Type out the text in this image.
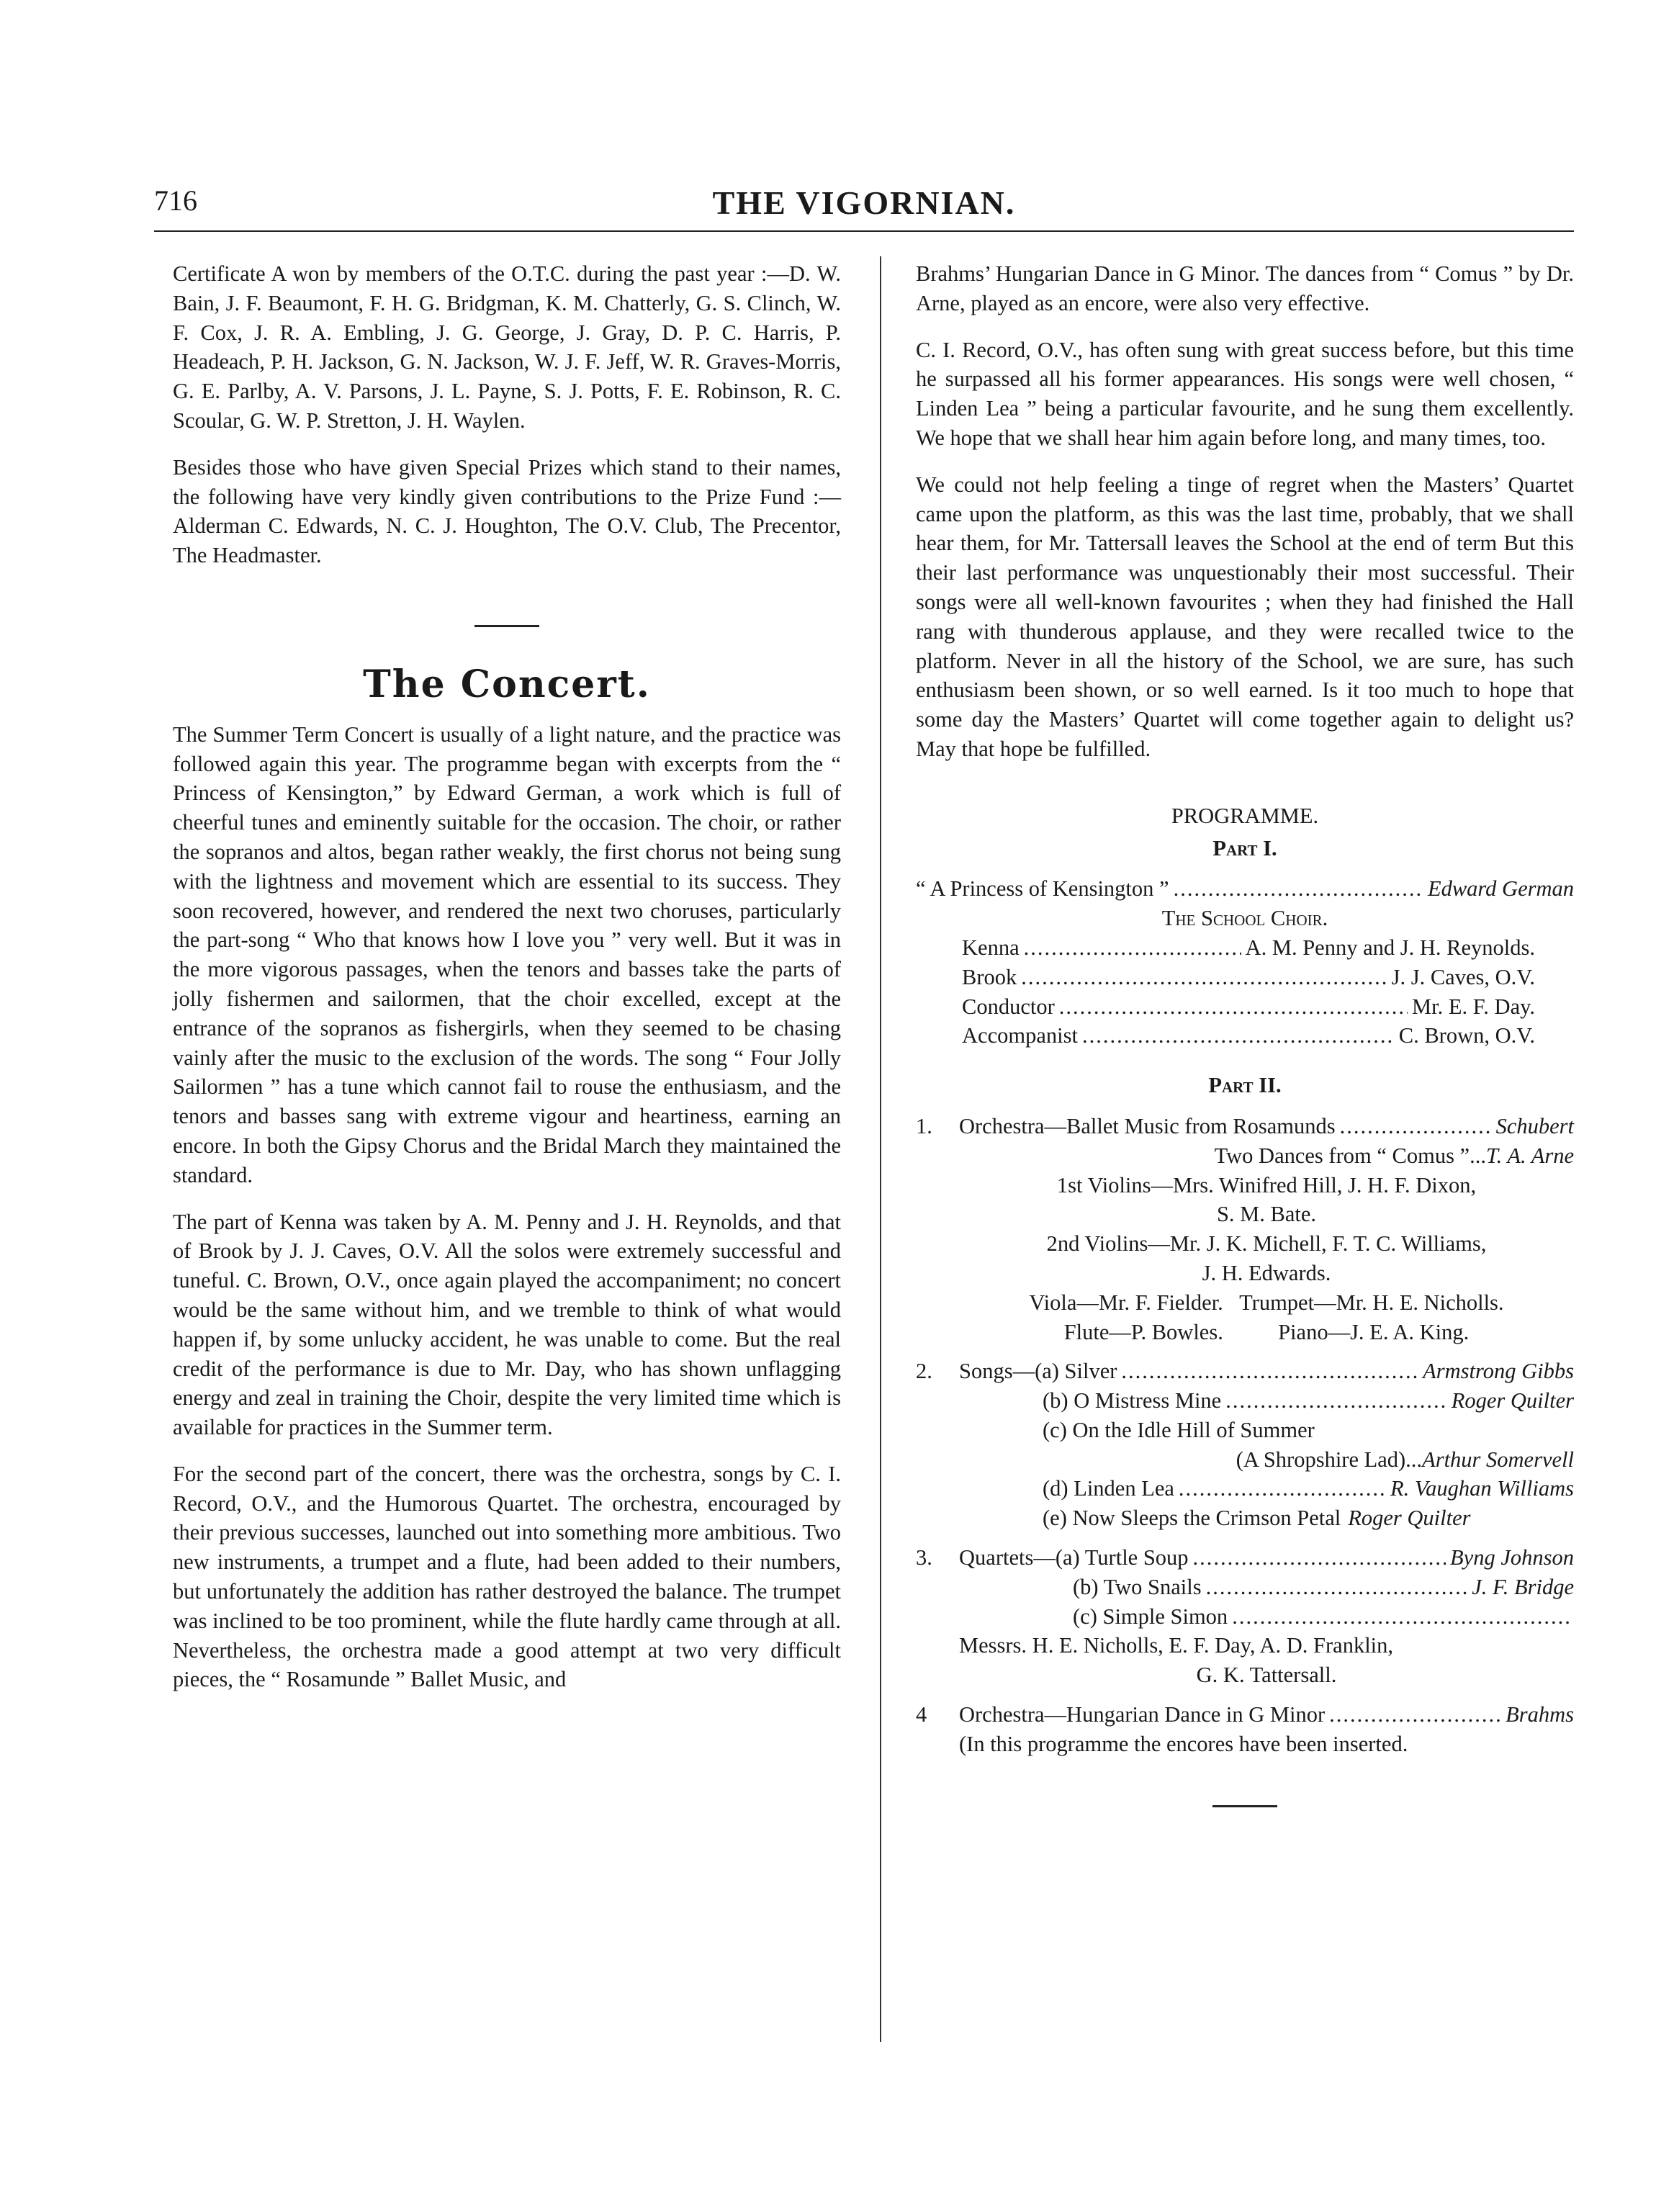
716	THE VIGORNIAN.

Certificate A won by members of the O.T.C. during the past year :—D. W. Bain, J. F. Beaumont, F. H. G. Bridgman, K. M. Chatterly, G. S. Clinch, W. F. Cox, J. R. A. Embling, J. G. George, J. Gray, D. P. C. Harris, P. Headeach, P. H. Jackson, G. N. Jackson, W. J. F. Jeff, W. R. Graves-Morris, G. E. Parlby, A. V. Parsons, J. L. Payne, S. J. Potts, F. E. Robinson, R. C. Scoular, G. W. P. Stretton, J. H. Waylen.

Besides those who have given Special Prizes which stand to their names, the following have very kindly given contributions to the Prize Fund :—Alderman C. Edwards, N. C. J. Houghton, The O.V. Club, The Precentor, The Headmaster.

The Concert.

The Summer Term Concert is usually of a light nature, and the practice was followed again this year. The programme began with excerpts from the “ Princess of Kensington,” by Edward German, a work which is full of cheerful tunes and eminently suitable for the occasion. The choir, or rather the sopranos and altos, began rather weakly, the first chorus not being sung with the lightness and movement which are essential to its success. They soon recovered, however, and rendered the next two choruses, particularly the part-song “ Who that knows how I love you ” very well. But it was in the more vigorous passages, when the tenors and basses take the parts of jolly fishermen and sailormen, that the choir excelled, except at the entrance of the sopranos as fishergirls, when they seemed to be chasing vainly after the music to the exclusion of the words. The song “ Four Jolly Sailormen ” has a tune which cannot fail to rouse the enthusiasm, and the tenors and basses sang with extreme vigour and heartiness, earning an encore. In both the Gipsy Chorus and the Bridal March they maintained the standard.

The part of Kenna was taken by A. M. Penny and J. H. Reynolds, and that of Brook by J. J. Caves, O.V. All the solos were extremely successful and tuneful. C. Brown, O.V., once again played the accompaniment; no concert would be the same without him, and we tremble to think of what would happen if, by some unlucky accident, he was unable to come. But the real credit of the performance is due to Mr. Day, who has shown unflagging energy and zeal in training the Choir, despite the very limited time which is available for practices in the Summer term.

For the second part of the concert, there was the orchestra, songs by C. I. Record, O.V., and the Humorous Quartet. The orchestra, encouraged by their previous successes, launched out into something more ambitious. Two new instruments, a trumpet and a flute, had been added to their numbers, but unfortunately the addition has rather destroyed the balance. The trumpet was inclined to be too prominent, while the flute hardly came through at all. Nevertheless, the orchestra made a good attempt at two very difficult pieces, the “ Rosamunde ” Ballet Music, and

Brahms’ Hungarian Dance in G Minor. The dances from “ Comus ” by Dr. Arne, played as an encore, were also very effective.

C. I. Record, O.V., has often sung with great success before, but this time he surpassed all his former appearances. His songs were well chosen, “ Linden Lea ” being a particular favourite, and he sung them excellently. We hope that we shall hear him again before long, and many times, too.

We could not help feeling a tinge of regret when the Masters’ Quartet came upon the platform, as this was the last time, probably, that we shall hear them, for Mr. Tattersall leaves the School at the end of term But this their last performance was unquestionably their most successful. Their songs were all well-known favourites ; when they had finished the Hall rang with thunderous applause, and they were recalled twice to the platform. Never in all the history of the School, we are sure, has such enthusiasm been shown, or so well earned. Is it too much to hope that some day the Masters’ Quartet will come together again to delight us? May that hope be fulfilled.

PROGRAMME.
Part I.
“ A Princess of Kensington ” .....	Edward German
The School Choir.
Kenna .....	A. M. Penny and J. H. Reynolds.
Brook .....	J. J. Caves, O.V.
Conductor .....	Mr. E. F. Day.
Accompanist .....	C. Brown, O.V.
Part II.
1. Orchestra—Ballet Music from Rosamunds .....	Schubert
Two Dances from “ Comus ”...T. A. Arne
1st Violins—Mrs. Winifred Hill, J. H. F. Dixon,
S. M. Bate.
2nd Violins—Mr. J. K. Michell, F. T. C. Williams,
J. H. Edwards.
Viola—Mr. F. Fielder.   Trumpet—Mr. H. E. Nicholls.
Flute—P. Bowles.          Piano—J. E. A. King.
2. Songs—(a) Silver .....	Armstrong Gibbs
(b) O Mistress Mine .....	Roger Quilter
(c) On the Idle Hill of Summer
(A Shropshire Lad)...Arthur Somervell
(d) Linden Lea .....	R. Vaughan Williams
(e) Now Sleeps the Crimson Petal Roger Quilter
3. Quartets—(a) Turtle Soup .....	Byng Johnson
(b) Two Snails .....	J. F. Bridge
(c) Simple Simon
.....
Messrs. H. E. Nicholls, E. F. Day, A. D. Franklin,
G. K. Tattersall.
4 Orchestra—Hungarian Dance in G Minor .....	Brahms
(In this programme the encores have been inserted.
